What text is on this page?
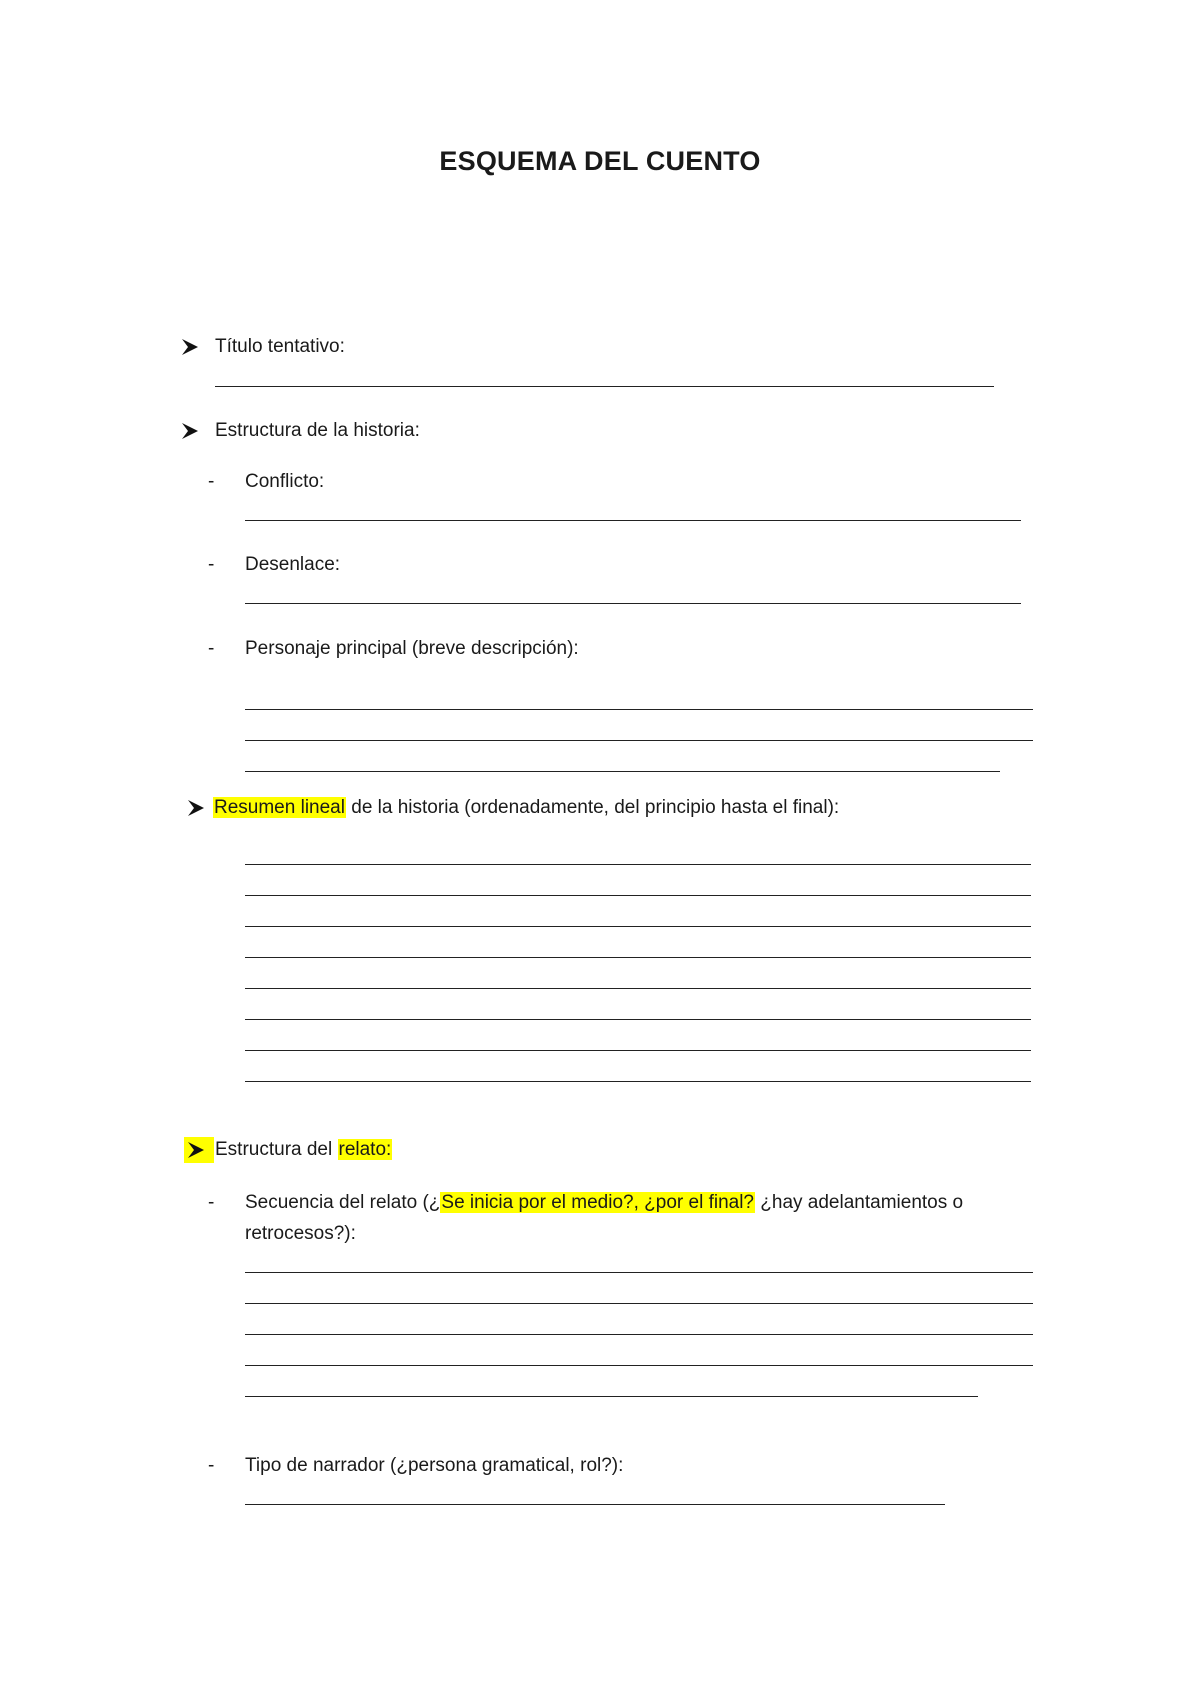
ESQUEMA DEL CUENTO
Título tentativo:
Estructura de la historia:
- Conflicto:
- Desenlace:
- Personaje principal (breve descripción):
Resumen lineal de la historia (ordenadamente, del principio hasta el final):
Estructura del relato:
- Secuencia del relato (¿Se inicia por el medio?, ¿por el final? ¿hay adelantamientos o
retrocesos?):
- Tipo de narrador (¿persona gramatical, rol?):
